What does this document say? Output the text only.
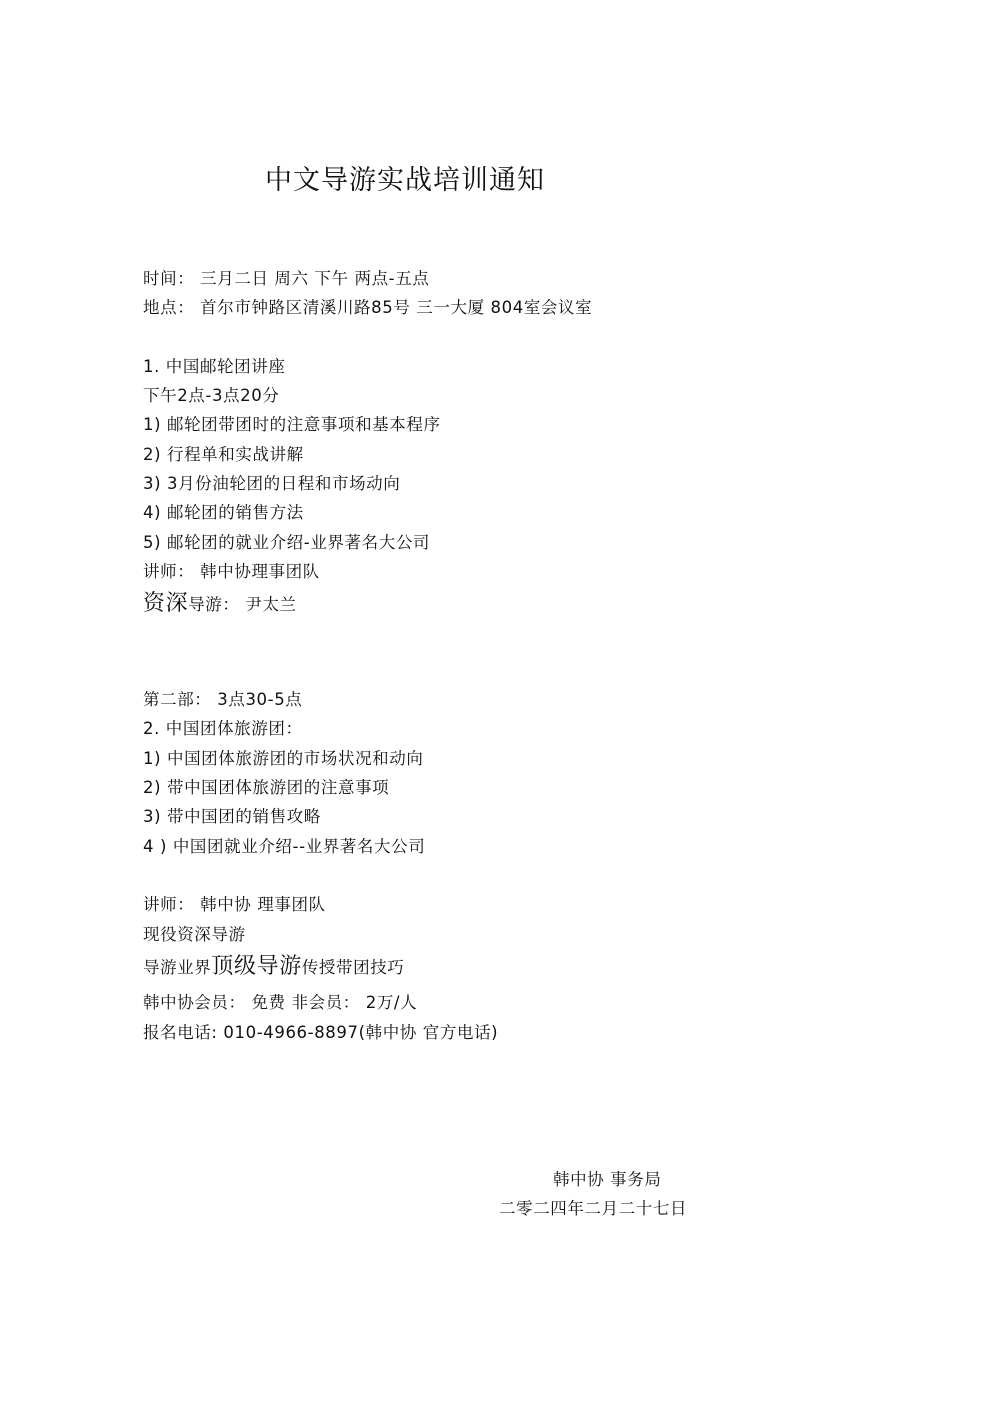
中文导游实战培训通知
时间： 三月二日 周六 下午 两点-五点
地点： 首尔市钟路区清溪川路85号 三一大厦 804室会议室
1. 中国邮轮团讲座
下午2点-3点20分
1) 邮轮团带团时的注意事项和基本程序
2) 行程单和实战讲解
3) 3月份油轮团的日程和市场动向
4) 邮轮团的销售方法
5) 邮轮团的就业介绍-业界著名大公司
讲师： 韩中协理事团队
资深导游： 尹太兰
第二部： 3点30-5点
2. 中国团体旅游团：
1) 中国团体旅游团的市场状况和动向
2) 带中国团体旅游团的注意事项
3) 带中国团的销售攻略
4 ) 中国团就业介绍--业界著名大公司
讲师： 韩中协 理事团队
现役资深导游
导游业界顶级导游传授带团技巧
韩中协会员： 免费 非会员： 2万/人
报名电话: 010-4966-8897(韩中协 官方电话)
韩中协 事务局
二零二四年二月二十七日
